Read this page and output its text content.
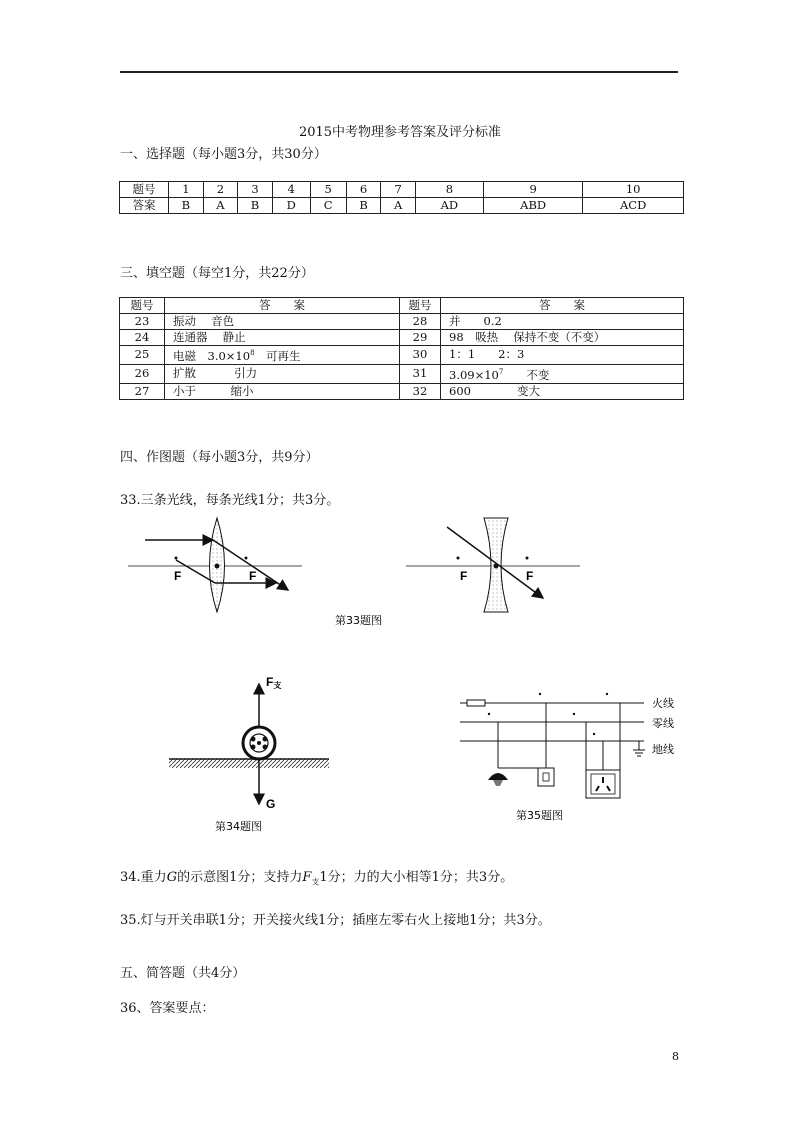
2015中考物理参考答案及评分标准
一、选择题（每小题3分，共30分）
题号	1	2	3	4	5	6	7	8	9	10
答案	B	A	B	D	C	B	A	AD	ABD	ACD
三、填空题（每空1分，共22分）
题号	答　　案	题号	答　　案
23	振动　 音色	28	并　　0.2
24	连通器　 静止	29	98　吸热　 保持不变（不变）
25	电磁　$3.0\times 10^8$　可再生	30	1：1　　2：3
26	扩散　　　 引力	31	$3.09\times 10^7$　　不变
27	小于　　　缩小	32	600　　　　变大
四、作图题（每小题3分，共9分）
33.三条光线，每条光线1分；共3分。
F	F	F	F
第33题图
F支
G
第34题图
火线
零线
地线
第35题图
34.重力G的示意图1分；支持力$F_支1$分；力的大小相等1分；共3分。
35.灯与开关串联1分；开关接火线1分；插座左零右火上接地1分；共3分。
五、简答题（共4分）
36、答案要点：
8
